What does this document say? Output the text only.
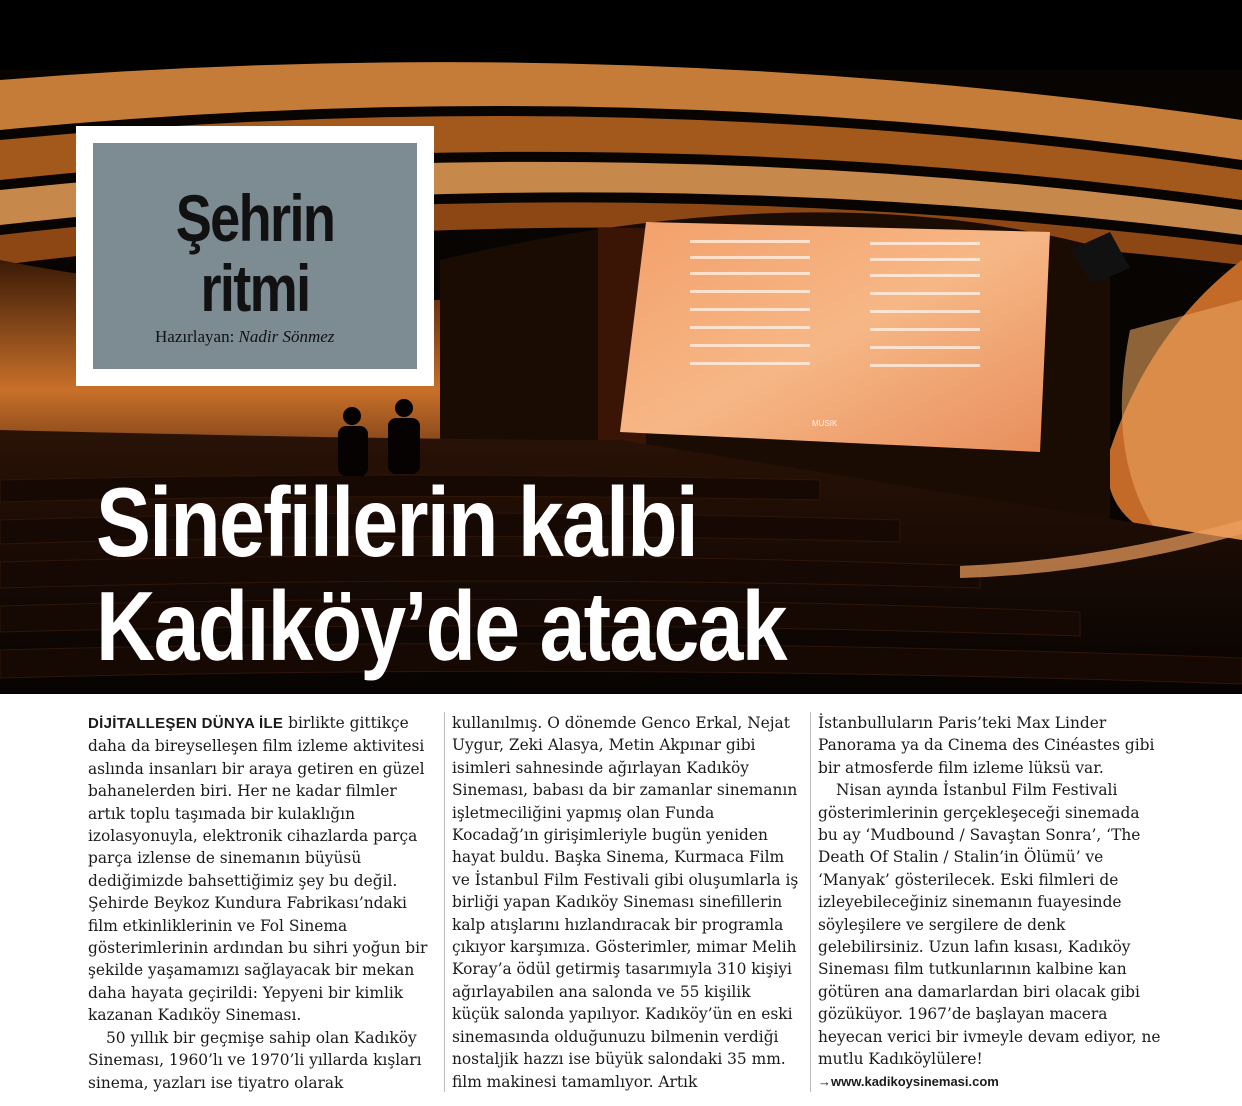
MUSIK
Şehrin
ritmi
Hazırlayan: Nadir Sönmez
Sinefillerin kalbi
Kadıköy’de atacak

DİJİTALLEŞEN DÜNYA İLE birlikte gittikçe daha da bireyselleşen film izleme aktivitesi aslında insanları bir araya getiren en güzel bahanelerden biri. Her ne kadar filmler artık toplu taşımada bir kulaklığın izolasyonuyla, elektronik cihazlarda parça parça izlense de sinemanın büyüsü dediğimizde bahsettiğimiz şey bu değil. Şehirde Beykoz Kundura Fabrikası’ndaki film etkinliklerinin ve Fol Sinema gösterimlerinin ardından bu sihri yoğun bir şekilde yaşamamızı sağlayacak bir mekan daha hayata geçirildi: Yepyeni bir kimlik kazanan Kadıköy Sineması.

50 yıllık bir geçmişe sahip olan Kadıköy Sineması, 1960’lı ve 1970’li yıllarda kışları sinema, yazları ise tiyatro olarak

kullanılmış. O dönemde Genco Erkal, Nejat Uygur, Zeki Alasya, Metin Akpınar gibi isimleri sahnesinde ağırlayan Kadıköy Sineması, babası da bir zamanlar sinemanın işletmeciliğini yapmış olan Funda Kocadağ’ın girişimleriyle bugün yeniden hayat buldu. Başka Sinema, Kurmaca Film ve İstanbul Film Festivali gibi oluşumlarla iş birliği yapan Kadıköy Sineması sinefillerin kalp atışlarını hızlandıracak bir programla çıkıyor karşımıza. Gösterimler, mimar Melih Koray’a ödül getirmiş tasarımıyla 310 kişiyi ağırlayabilen ana salonda ve 55 kişilik küçük salonda yapılıyor. Kadıköy’ün en eski sinemasında olduğunuzu bilmenin verdiği nostaljik hazzı ise büyük salondaki 35 mm. film makinesi tamamlıyor. Artık

İstanbulluların Paris’teki Max Linder Panorama ya da Cinema des Cinéastes gibi bir atmosferde film izleme lüksü var.

Nisan ayında İstanbul Film Festivali gösterimlerinin gerçekleşeceği sinemada bu ay ‘Mudbound / Savaştan Sonra’, ‘The Death Of Stalin / Stalin’in Ölümü’ ve ‘Manyak’ gösterilecek. Eski filmleri de izleyebileceğiniz sinemanın fuayesinde söyleşilere ve sergilere de denk gelebilirsiniz. Uzun lafın kısası, Kadıköy Sineması film tutkunlarının kalbine kan götüren ana damarlardan biri olacak gibi gözüküyor. 1967’de başlayan macera heyecan verici bir ivmeyle devam ediyor, ne mutlu Kadıköylülere!

→www.kadikoysinemasi.com
